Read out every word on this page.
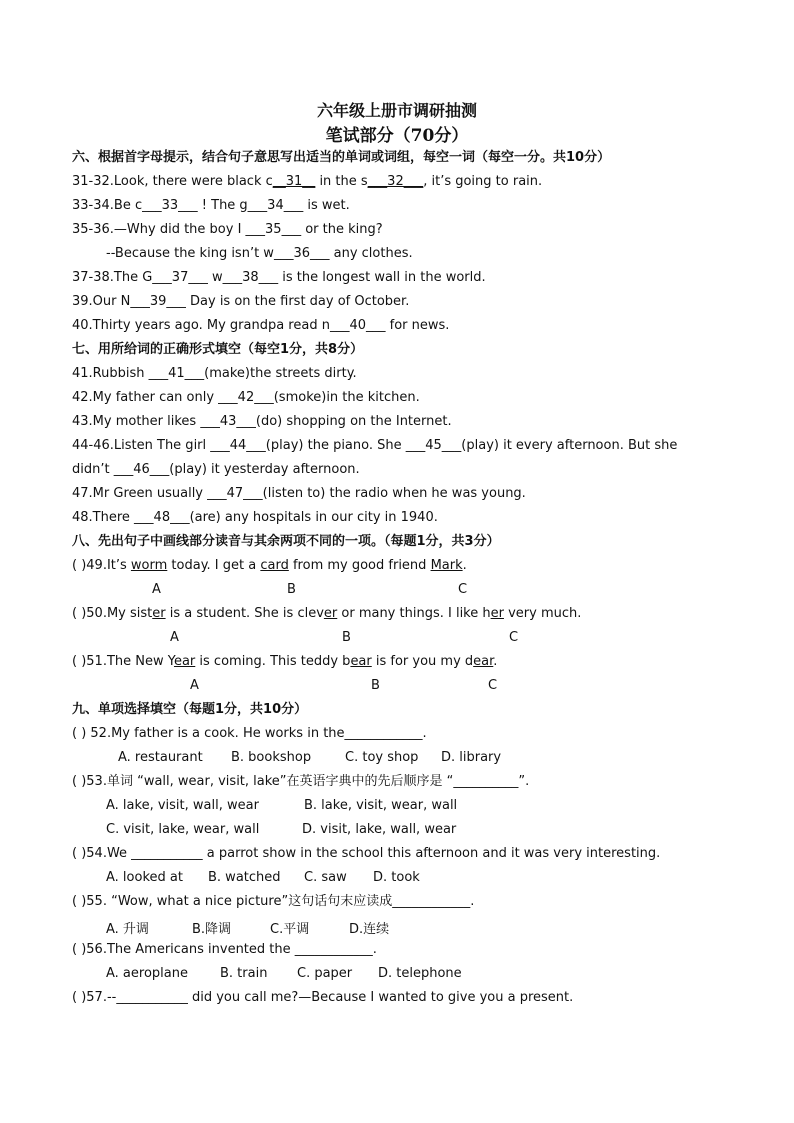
六年级上册市调研抽测
笔试部分（70分）
六、根据首字母提示，结合句子意思写出适当的单词或词组，每空一词（每空一分。共10分）
31-32.Look, there were black c__31__ in the s___32___, it’s going to rain.
33-34.Be c___33___ ! The g___34___ is wet.
35-36.—Why did the boy I ___35___ or the king?
--Because the king isn’t w___36___ any clothes.
37-38.The G___37___ w___38___ is the longest wall in the world.
39.Our N___39___ Day is on the first day of October.
40.Thirty years ago. My grandpa read n___40___ for news.
七、用所给词的正确形式填空（每空1分，共8分）
41.Rubbish ___41___(make)the streets dirty.
42.My father can only ___42___(smoke)in the kitchen.
43.My mother likes ___43___(do) shopping on the Internet.
44-46.Listen The girl ___44___(play) the piano. She ___45___(play) it every afternoon. But she
didn’t ___46___(play) it yesterday afternoon.
47.Mr Green usually ___47___(listen to) the radio when he was young.
48.There ___48___(are) any hospitals in our city in 1940.
八、先出句子中画线部分读音与其余两项不同的一项。（每题1分，共3分）
( )49.It’s worm today. I get a card from my good friend Mark.
A	B	C
( )50.My sister is a student. She is clever or many things. I like her very much.
A	B	C
( )51.The New Year is coming. This teddy bear is for you my dear.
A	B	C
九、单项选择填空（每题1分，共10分）
( ) 52.My father is a cook. He works in the____________.
A. restaurant B. bookshop	C. toy shop D. library
( )53.单词 “wall, wear, visit, lake”在英语字典中的先后顺序是 “__________”.
A. lake, visit, wall, wear	B. lake, visit, wear, wall
C. visit, lake, wear, wall	D. visit, lake, wall, wear
( )54.We ___________ a parrot show in the school this afternoon and it was very interesting.
A. looked at B. watched C. saw D. took
( )55. “Wow, what a nice picture”这句话句末应读成____________.
A. 升调	B.降调	C.平调	D.连续
( )56.The Americans invented the ____________.
A. aeroplane B. train C. paper D. telephone
( )57.--___________ did you call me?—Because I wanted to give you a present.
